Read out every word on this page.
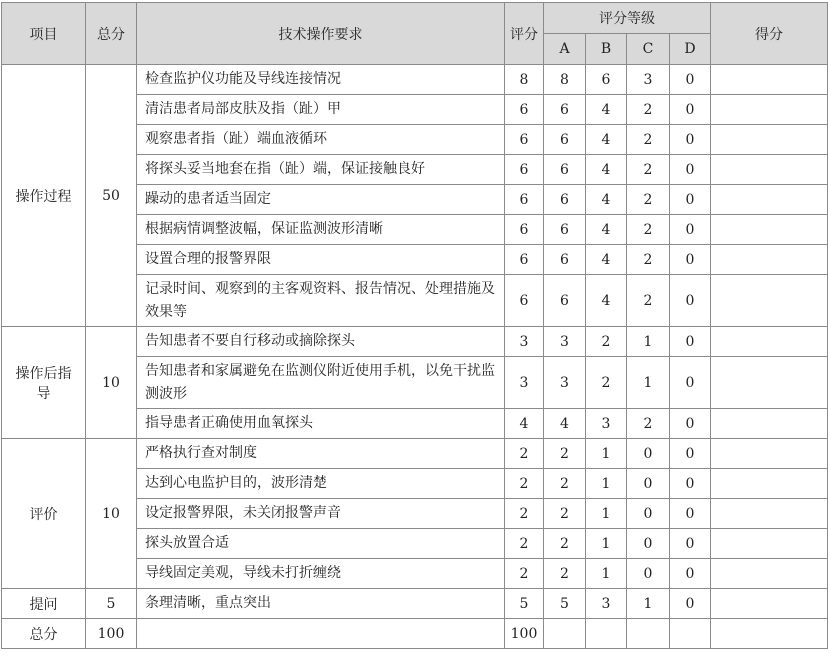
项目	总分	技术操作要求	评分	评分等级				得分
				A	B	C	D	
操作过程	50	检查监护仪功能及导线连接情况	8	8	6	3	0	
		清洁患者局部皮肤及指（趾）甲	6	6	4	2	0	
		观察患者指（趾）端血液循环	6	6	4	2	0	
		将探头妥当地套在指（趾）端，保证接触良好	6	6	4	2	0	
		躁动的患者适当固定	6	6	4	2	0	
		根据病情调整波幅，保证监测波形清晰	6	6	4	2	0	
		设置合理的报警界限	6	6	4	2	0	
		记录时间、观察到的主客观资料、报告情况、处理措施及效果等	6	6	4	2	0	
操作后指导	10	告知患者不要自行移动或摘除探头	3	3	2	1	0	
		告知患者和家属避免在监测仪附近使用手机，以免干扰监测波形	3	3	2	1	0	
		指导患者正确使用血氧探头	4	4	3	2	0	
评价	10	严格执行查对制度	2	2	1	0	0	
		达到心电监护目的，波形清楚	2	2	1	0	0	
		设定报警界限，未关闭报警声音	2	2	1	0	0	
		探头放置合适	2	2	1	0	0	
		导线固定美观，导线未打折缠绕	2	2	1	0	0	
提问	5	条理清晰，重点突出	5	5	3	1	0	
总分	100		100					
